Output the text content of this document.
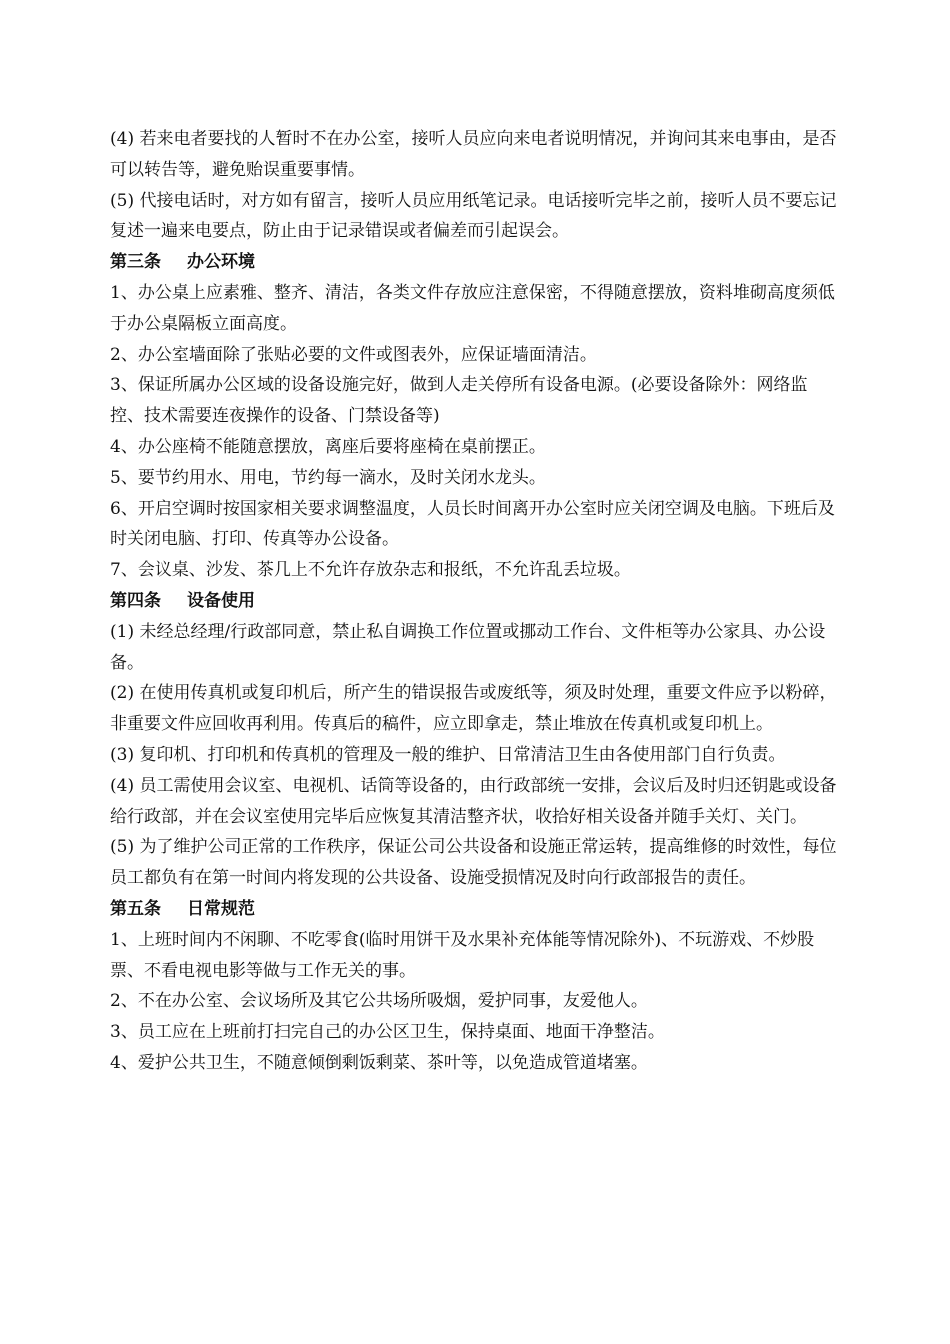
(4) 若来电者要找的人暂时不在办公室，接听人员应向来电者说明情况，并询问其来电事由，是否可以转告等，避免贻误重要事情。

(5) 代接电话时，对方如有留言，接听人员应用纸笔记录。电话接听完毕之前，接听人员不要忘记复述一遍来电要点，防止由于记录错误或者偏差而引起误会。

第三条 办公环境

1、办公桌上应素雅、整齐、清洁，各类文件存放应注意保密，不得随意摆放，资料堆砌高度须低于办公桌隔板立面高度。

2、办公室墙面除了张贴必要的文件或图表外，应保证墙面清洁。

3、保证所属办公区域的设备设施完好，做到人走关停所有设备电源。(必要设备除外：网络监控、技术需要连夜操作的设备、门禁设备等)

4、办公座椅不能随意摆放，离座后要将座椅在桌前摆正。

5、要节约用水、用电，节约每一滴水，及时关闭水龙头。

6、开启空调时按国家相关要求调整温度，人员长时间离开办公室时应关闭空调及电脑。下班后及时关闭电脑、打印、传真等办公设备。

7、会议桌、沙发、茶几上不允许存放杂志和报纸，不允许乱丢垃圾。

第四条 设备使用

(1) 未经总经理/行政部同意，禁止私自调换工作位置或挪动工作台、文件柜等办公家具、办公设备。

(2) 在使用传真机或复印机后，所产生的错误报告或废纸等，须及时处理，重要文件应予以粉碎，非重要文件应回收再利用。传真后的稿件，应立即拿走，禁止堆放在传真机或复印机上。

(3) 复印机、打印机和传真机的管理及一般的维护、日常清洁卫生由各使用部门自行负责。

(4) 员工需使用会议室、电视机、话筒等设备的，由行政部统一安排，会议后及时归还钥匙或设备给行政部，并在会议室使用完毕后应恢复其清洁整齐状，收拾好相关设备并随手关灯、关门。

(5) 为了维护公司正常的工作秩序，保证公司公共设备和设施正常运转，提高维修的时效性，每位员工都负有在第一时间内将发现的公共设备、设施受损情况及时向行政部报告的责任。

第五条 日常规范

1、上班时间内不闲聊、不吃零食(临时用饼干及水果补充体能等情况除外)、不玩游戏、不炒股票、不看电视电影等做与工作无关的事。

2、不在办公室、会议场所及其它公共场所吸烟，爱护同事，友爱他人。

3、员工应在上班前打扫完自己的办公区卫生，保持桌面、地面干净整洁。

4、爱护公共卫生，不随意倾倒剩饭剩菜、茶叶等，以免造成管道堵塞。
